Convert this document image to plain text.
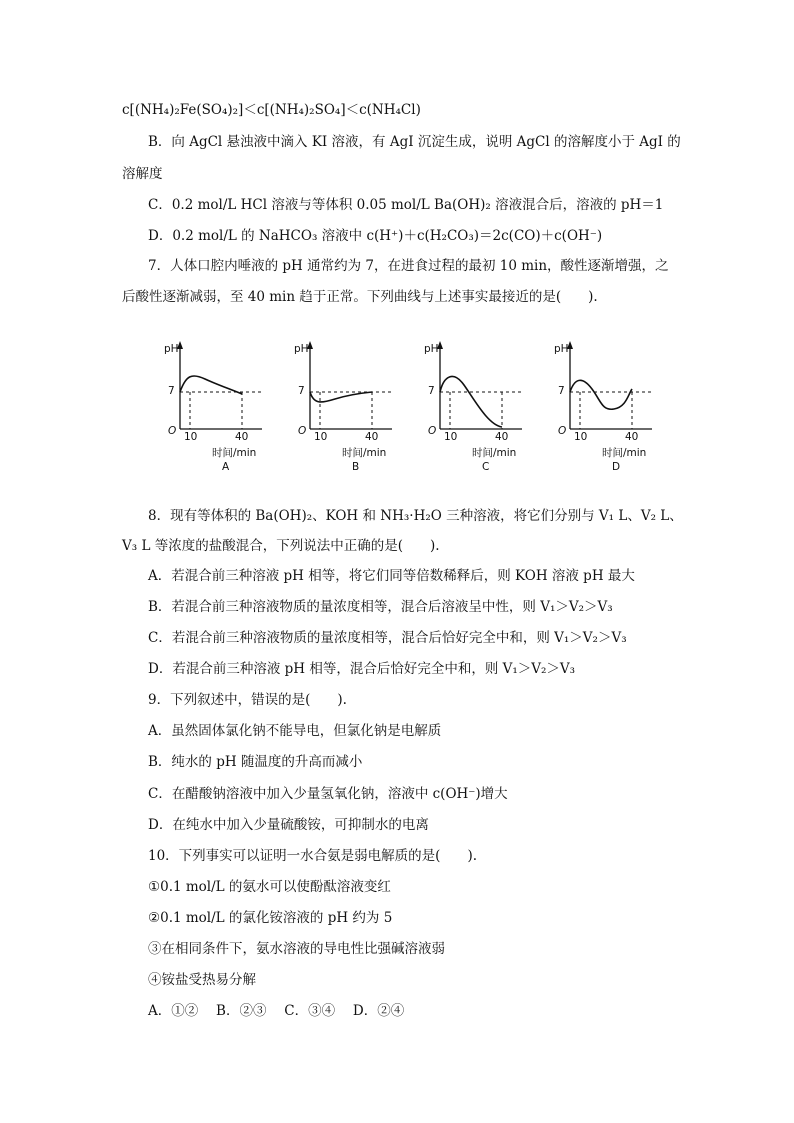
c[(NH₄)₂Fe(SO₄)₂]＜c[(NH₄)₂SO₄]＜c(NH₄Cl)
B．向 AgCl 悬浊液中滴入 KI 溶液，有 AgI 沉淀生成，说明 AgCl 的溶解度小于 AgI 的
溶解度
C．0.2 mol/L HCl 溶液与等体积 0.05 mol/L Ba(OH)₂ 溶液混合后，溶液的 pH＝1
D．0.2 mol/L 的 NaHCO₃ 溶液中 c(H⁺)＋c(H₂CO₃)＝2c(CO)＋c(OH⁻)
7．人体口腔内唾液的 pH 通常约为 7，在进食过程的最初 10 min，酸性逐渐增强，之
后酸性逐渐减弱，至 40 min 趋于正常。下列曲线与上述事实最接近的是(　　).
pH
7
O 10	40
时间/min
A
pH
7
O 10	40
时间/min
B
pH
7
O 10	40
时间/min
C
pH
7
O 10	40
时间/min
D
8．现有等体积的 Ba(OH)₂、KOH 和 NH₃·H₂O 三种溶液，将它们分别与 V₁ L、V₂ L、
V₃ L 等浓度的盐酸混合，下列说法中正确的是(　　).
A．若混合前三种溶液 pH 相等，将它们同等倍数稀释后，则 KOH 溶液 pH 最大
B．若混合前三种溶液物质的量浓度相等，混合后溶液呈中性，则 V₁＞V₂＞V₃
C．若混合前三种溶液物质的量浓度相等，混合后恰好完全中和，则 V₁＞V₂＞V₃
D．若混合前三种溶液 pH 相等，混合后恰好完全中和，则 V₁＞V₂＞V₃
9．下列叙述中，错误的是(　　).
A．虽然固体氯化钠不能导电，但氯化钠是电解质
B．纯水的 pH 随温度的升高而减小
C．在醋酸钠溶液中加入少量氢氧化钠，溶液中 c(OH⁻)增大
D．在纯水中加入少量硫酸铵，可抑制水的电离
10．下列事实可以证明一水合氨是弱电解质的是(　　).
①0.1 mol/L 的氨水可以使酚酞溶液变红
②0.1 mol/L 的氯化铵溶液的 pH 约为 5
③在相同条件下，氨水溶液的导电性比强碱溶液弱
④铵盐受热易分解
A．①②　 B．②③　 C．③④　 D．②④
